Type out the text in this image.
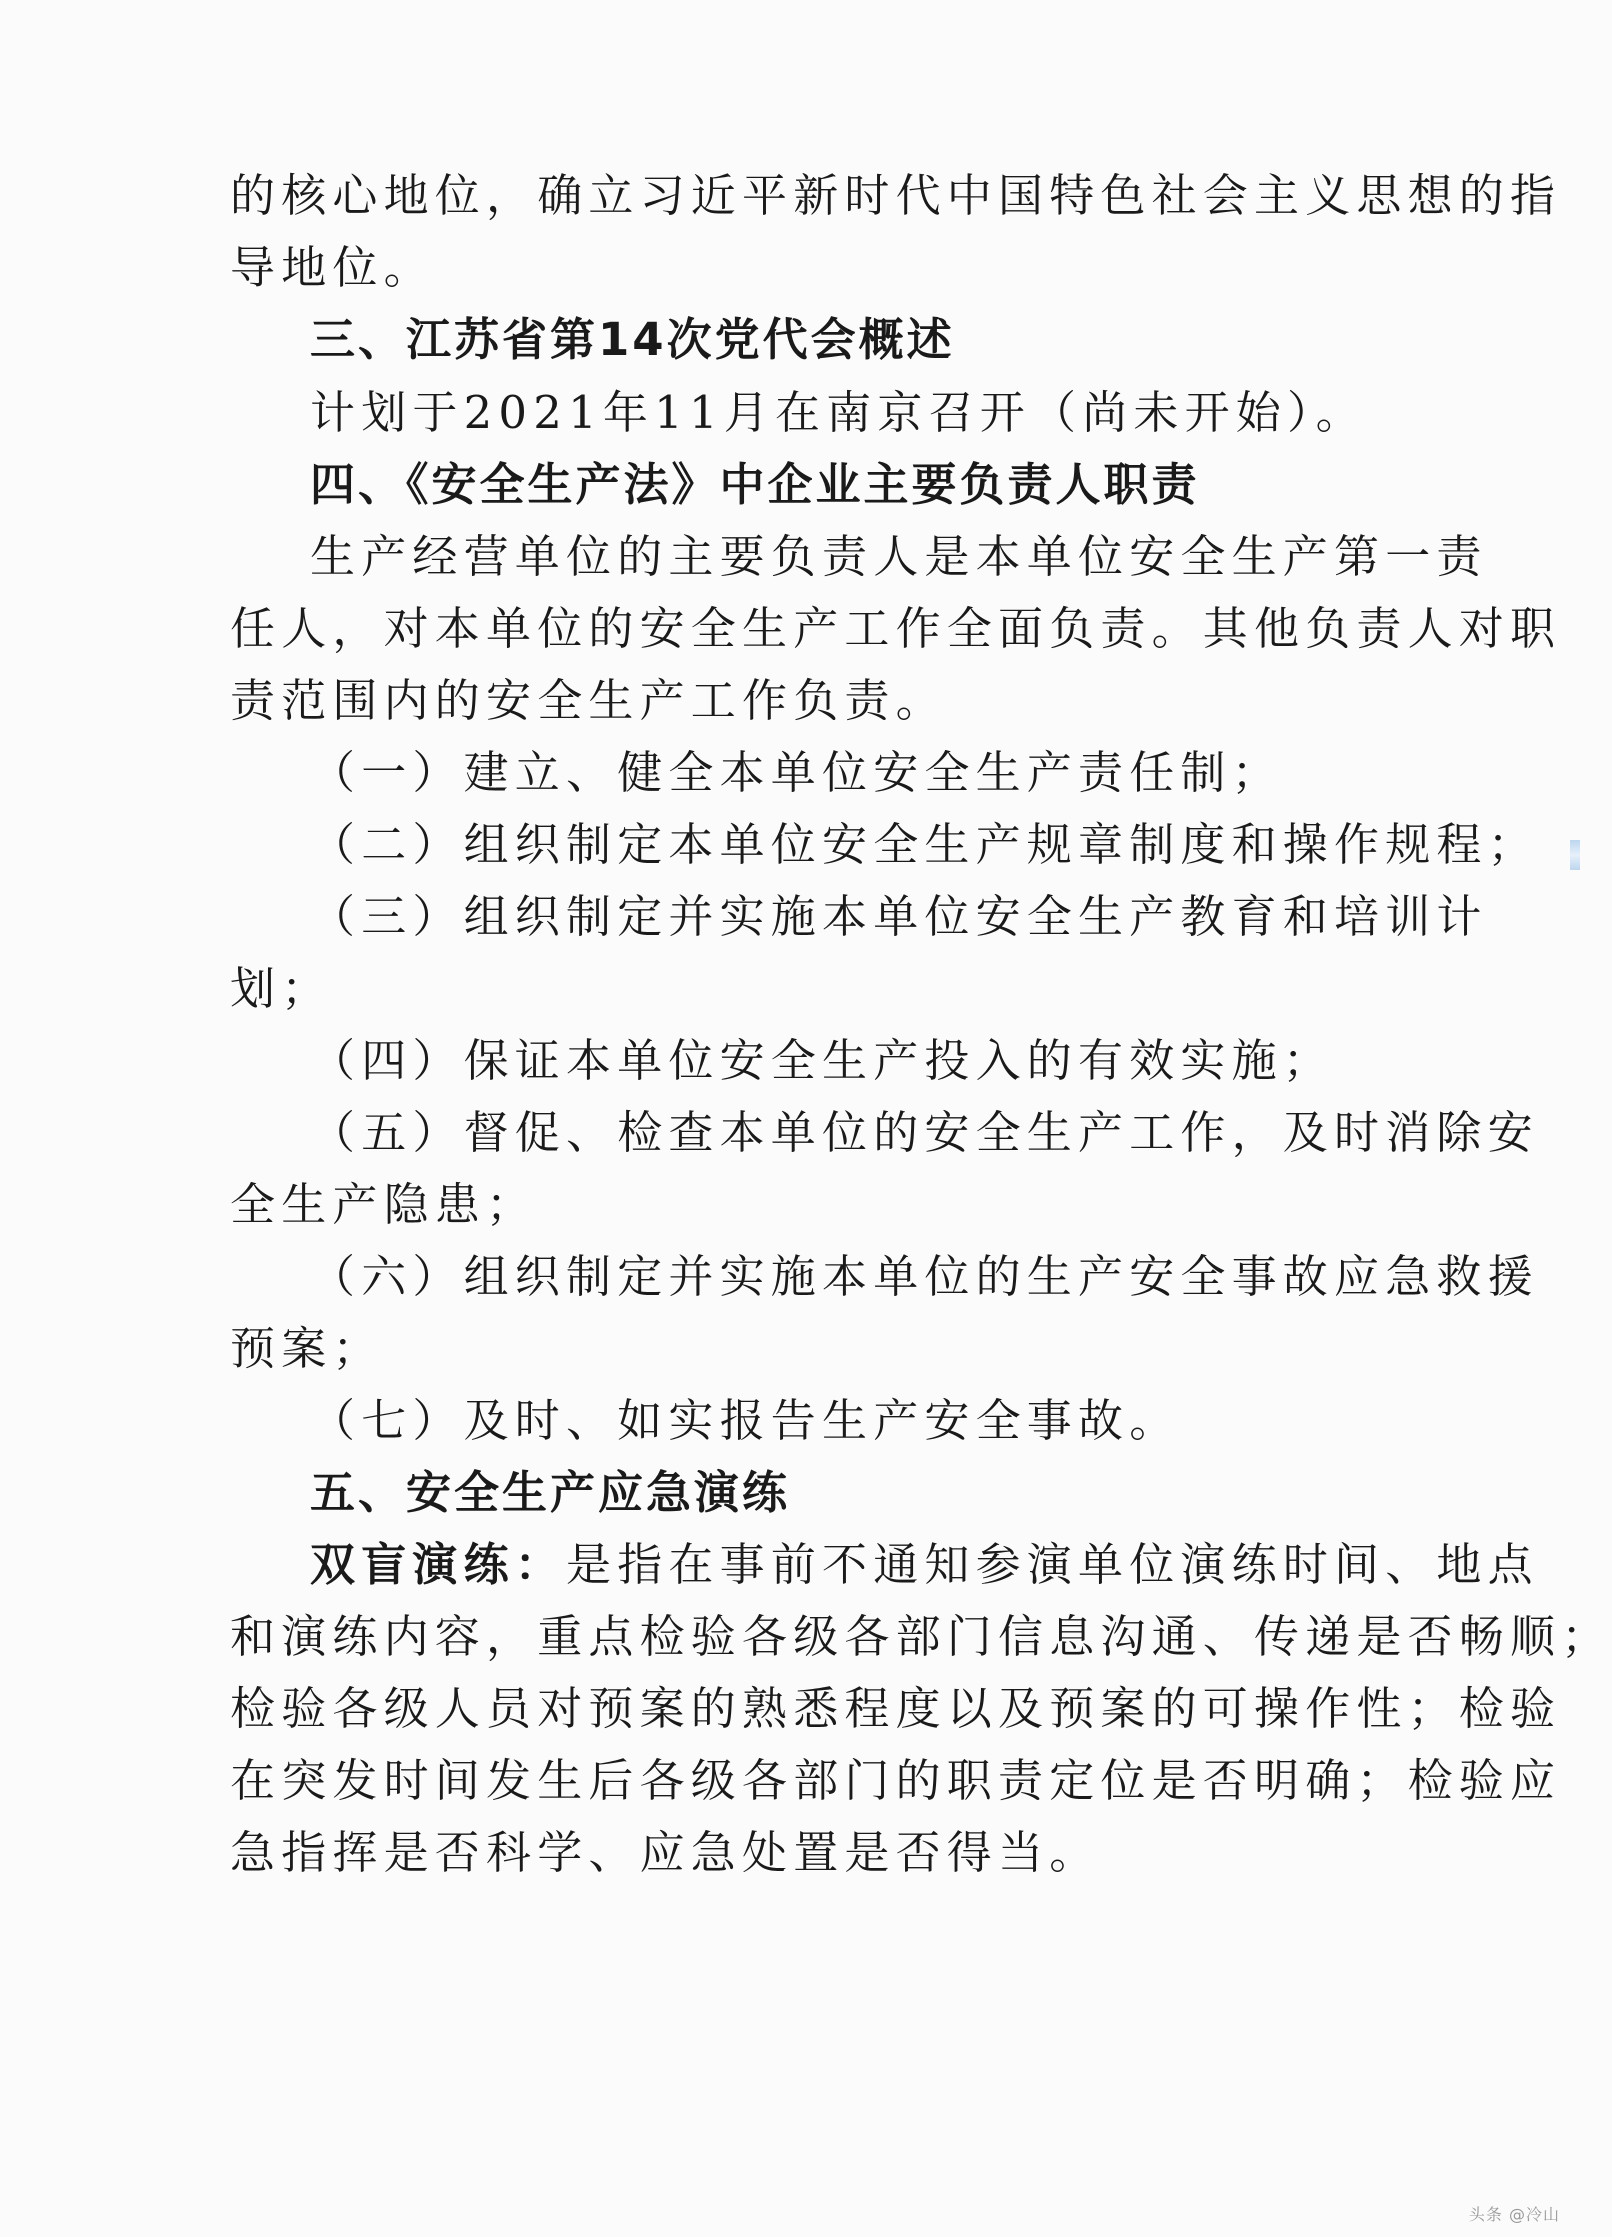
的核心地位，确立习近平新时代中国特色社会主义思想的指
导地位。
三、江苏省第14次党代会概述
计划于2021年11月在南京召开（尚未开始）。
四、《安全生产法》中企业主要负责人职责
生产经营单位的主要负责人是本单位安全生产第一责
任人，对本单位的安全生产工作全面负责。其他负责人对职
责范围内的安全生产工作负责。
（一）建立、健全本单位安全生产责任制；
（二）组织制定本单位安全生产规章制度和操作规程；
（三）组织制定并实施本单位安全生产教育和培训计
划；
（四）保证本单位安全生产投入的有效实施；
（五）督促、检查本单位的安全生产工作，及时消除安
全生产隐患；
（六）组织制定并实施本单位的生产安全事故应急救援
预案；
（七）及时、如实报告生产安全事故。
五、安全生产应急演练
双盲演练：是指在事前不通知参演单位演练时间、地点
和演练内容，重点检验各级各部门信息沟通、传递是否畅顺；
检验各级人员对预案的熟悉程度以及预案的可操作性；检验
在突发时间发生后各级各部门的职责定位是否明确；检验应
急指挥是否科学、应急处置是否得当。
头条 @冷山
